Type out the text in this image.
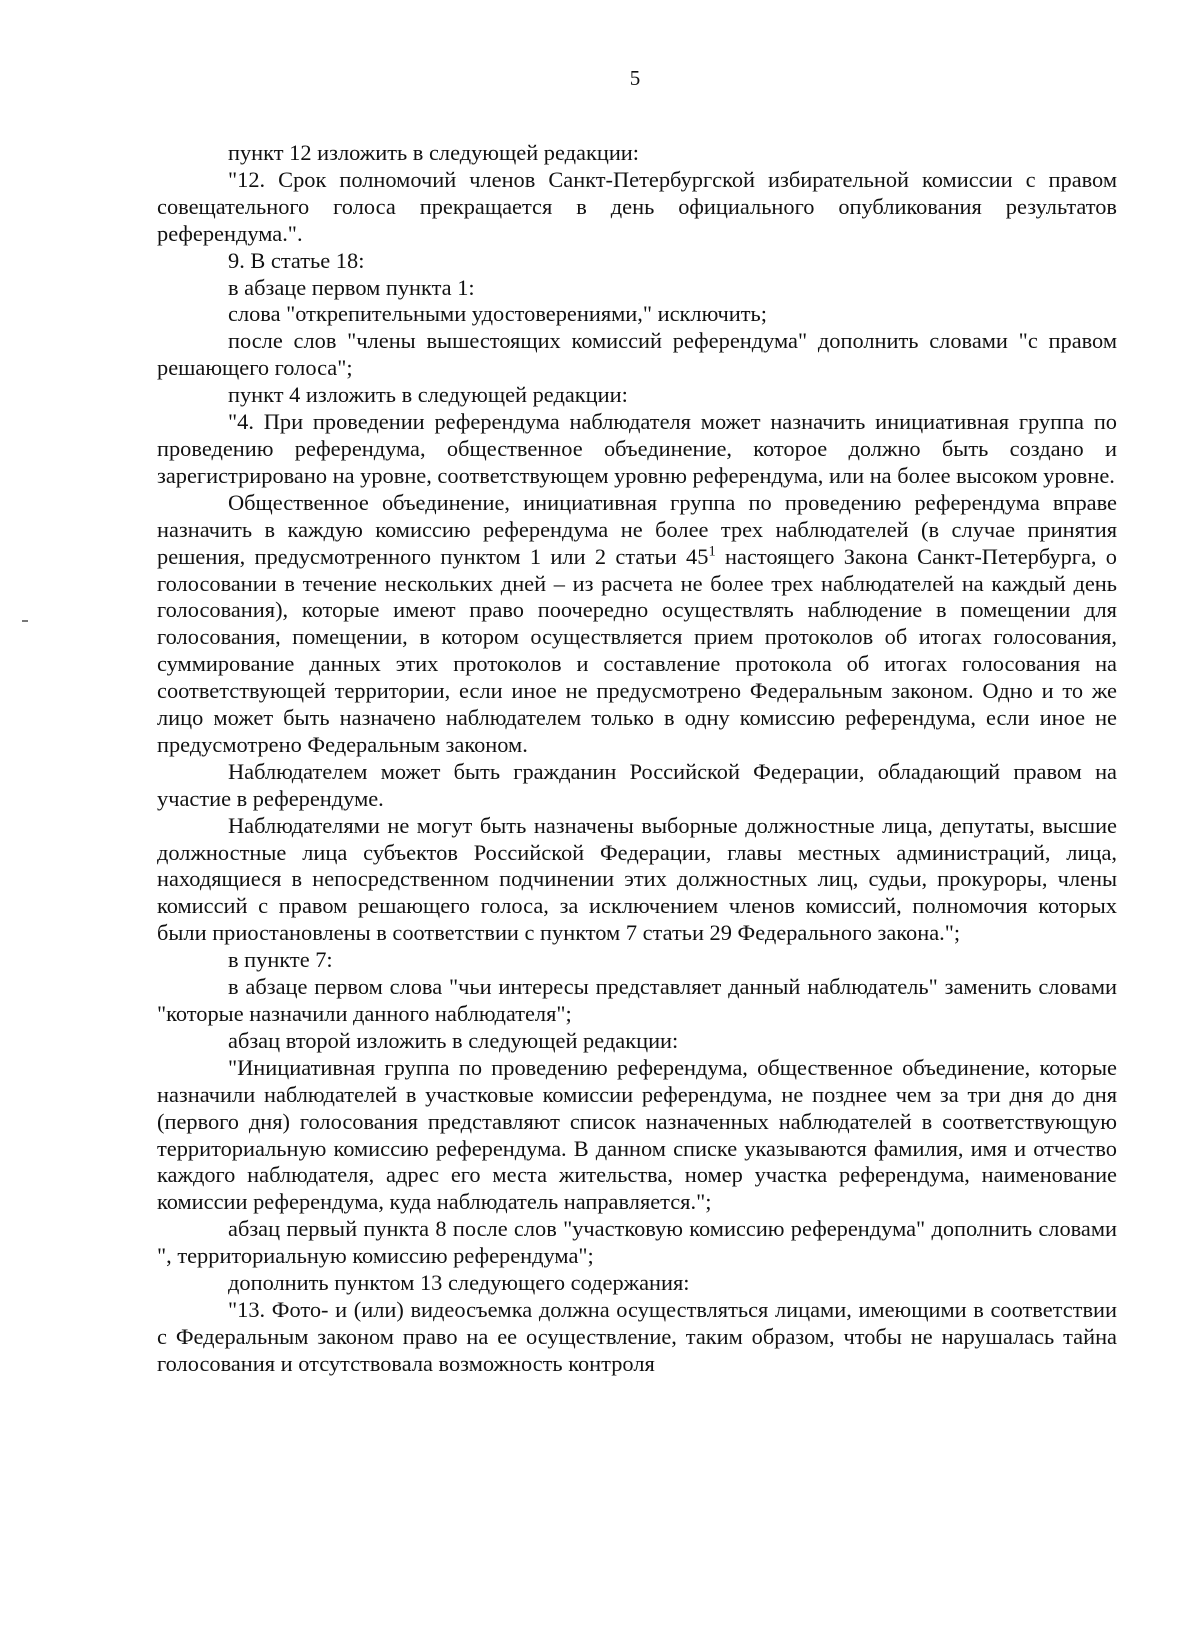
5

пункт 12 изложить в следующей редакции:

"12. Срок полномочий членов Санкт-Петербургской избирательной комиссии с правом совещательного голоса прекращается в день официального опубликования результатов референдума.".

9. В статье 18:

в абзаце первом пункта 1:

слова "открепительными удостоверениями," исключить;

после слов "члены вышестоящих комиссий референдума" дополнить словами "с правом решающего голоса";

пункт 4 изложить в следующей редакции:

"4. При проведении референдума наблюдателя может назначить инициативная группа по проведению референдума, общественное объединение, которое должно быть создано и зарегистрировано на уровне, соответствующем уровню референдума, или на более высоком уровне.

Общественное объединение, инициативная группа по проведению референдума вправе назначить в каждую комиссию референдума не более трех наблюдателей (в случае принятия решения, предусмотренного пунктом 1 или 2 статьи $45^1$ настоящего Закона Санкт-Петербурга, о голосовании в течение нескольких дней – из расчета не более трех наблюдателей на каждый день голосования), которые имеют право поочередно осуществлять наблюдение в помещении для голосования, помещении, в котором осуществляется прием протоколов об итогах голосования, суммирование данных этих протоколов и составление протокола об итогах голосования на соответствующей территории, если иное не предусмотрено Федеральным законом. Одно и то же лицо может быть назначено наблюдателем только в одну комиссию референдума, если иное не предусмотрено Федеральным законом.

Наблюдателем может быть гражданин Российской Федерации, обладающий правом на участие в референдуме.

Наблюдателями не могут быть назначены выборные должностные лица, депутаты, высшие должностные лица субъектов Российской Федерации, главы местных администраций, лица, находящиеся в непосредственном подчинении этих должностных лиц, судьи, прокуроры, члены комиссий с правом решающего голоса, за исключением членов комиссий, полномочия которых были приостановлены в соответствии с пунктом 7 статьи 29 Федерального закона.";

в пункте 7:

в абзаце первом слова "чьи интересы представляет данный наблюдатель" заменить словами "которые назначили данного наблюдателя";

абзац второй изложить в следующей редакции:

"Инициативная группа по проведению референдума, общественное объединение, которые назначили наблюдателей в участковые комиссии референдума, не позднее чем за три дня до дня (первого дня) голосования представляют список назначенных наблюдателей в соответствующую территориальную комиссию референдума. В данном списке указываются фамилия, имя и отчество каждого наблюдателя, адрес его места жительства, номер участка референдума, наименование комиссии референдума, куда наблюдатель направляется.";

абзац первый пункта 8 после слов "участковую комиссию референдума" дополнить словами ", территориальную комиссию референдума";

дополнить пунктом 13 следующего содержания:

"13. Фото- и (или) видеосъемка должна осуществляться лицами, имеющими в соответствии с Федеральным законом право на ее осуществление, таким образом, чтобы не нарушалась тайна голосования и отсутствовала возможность контроля
